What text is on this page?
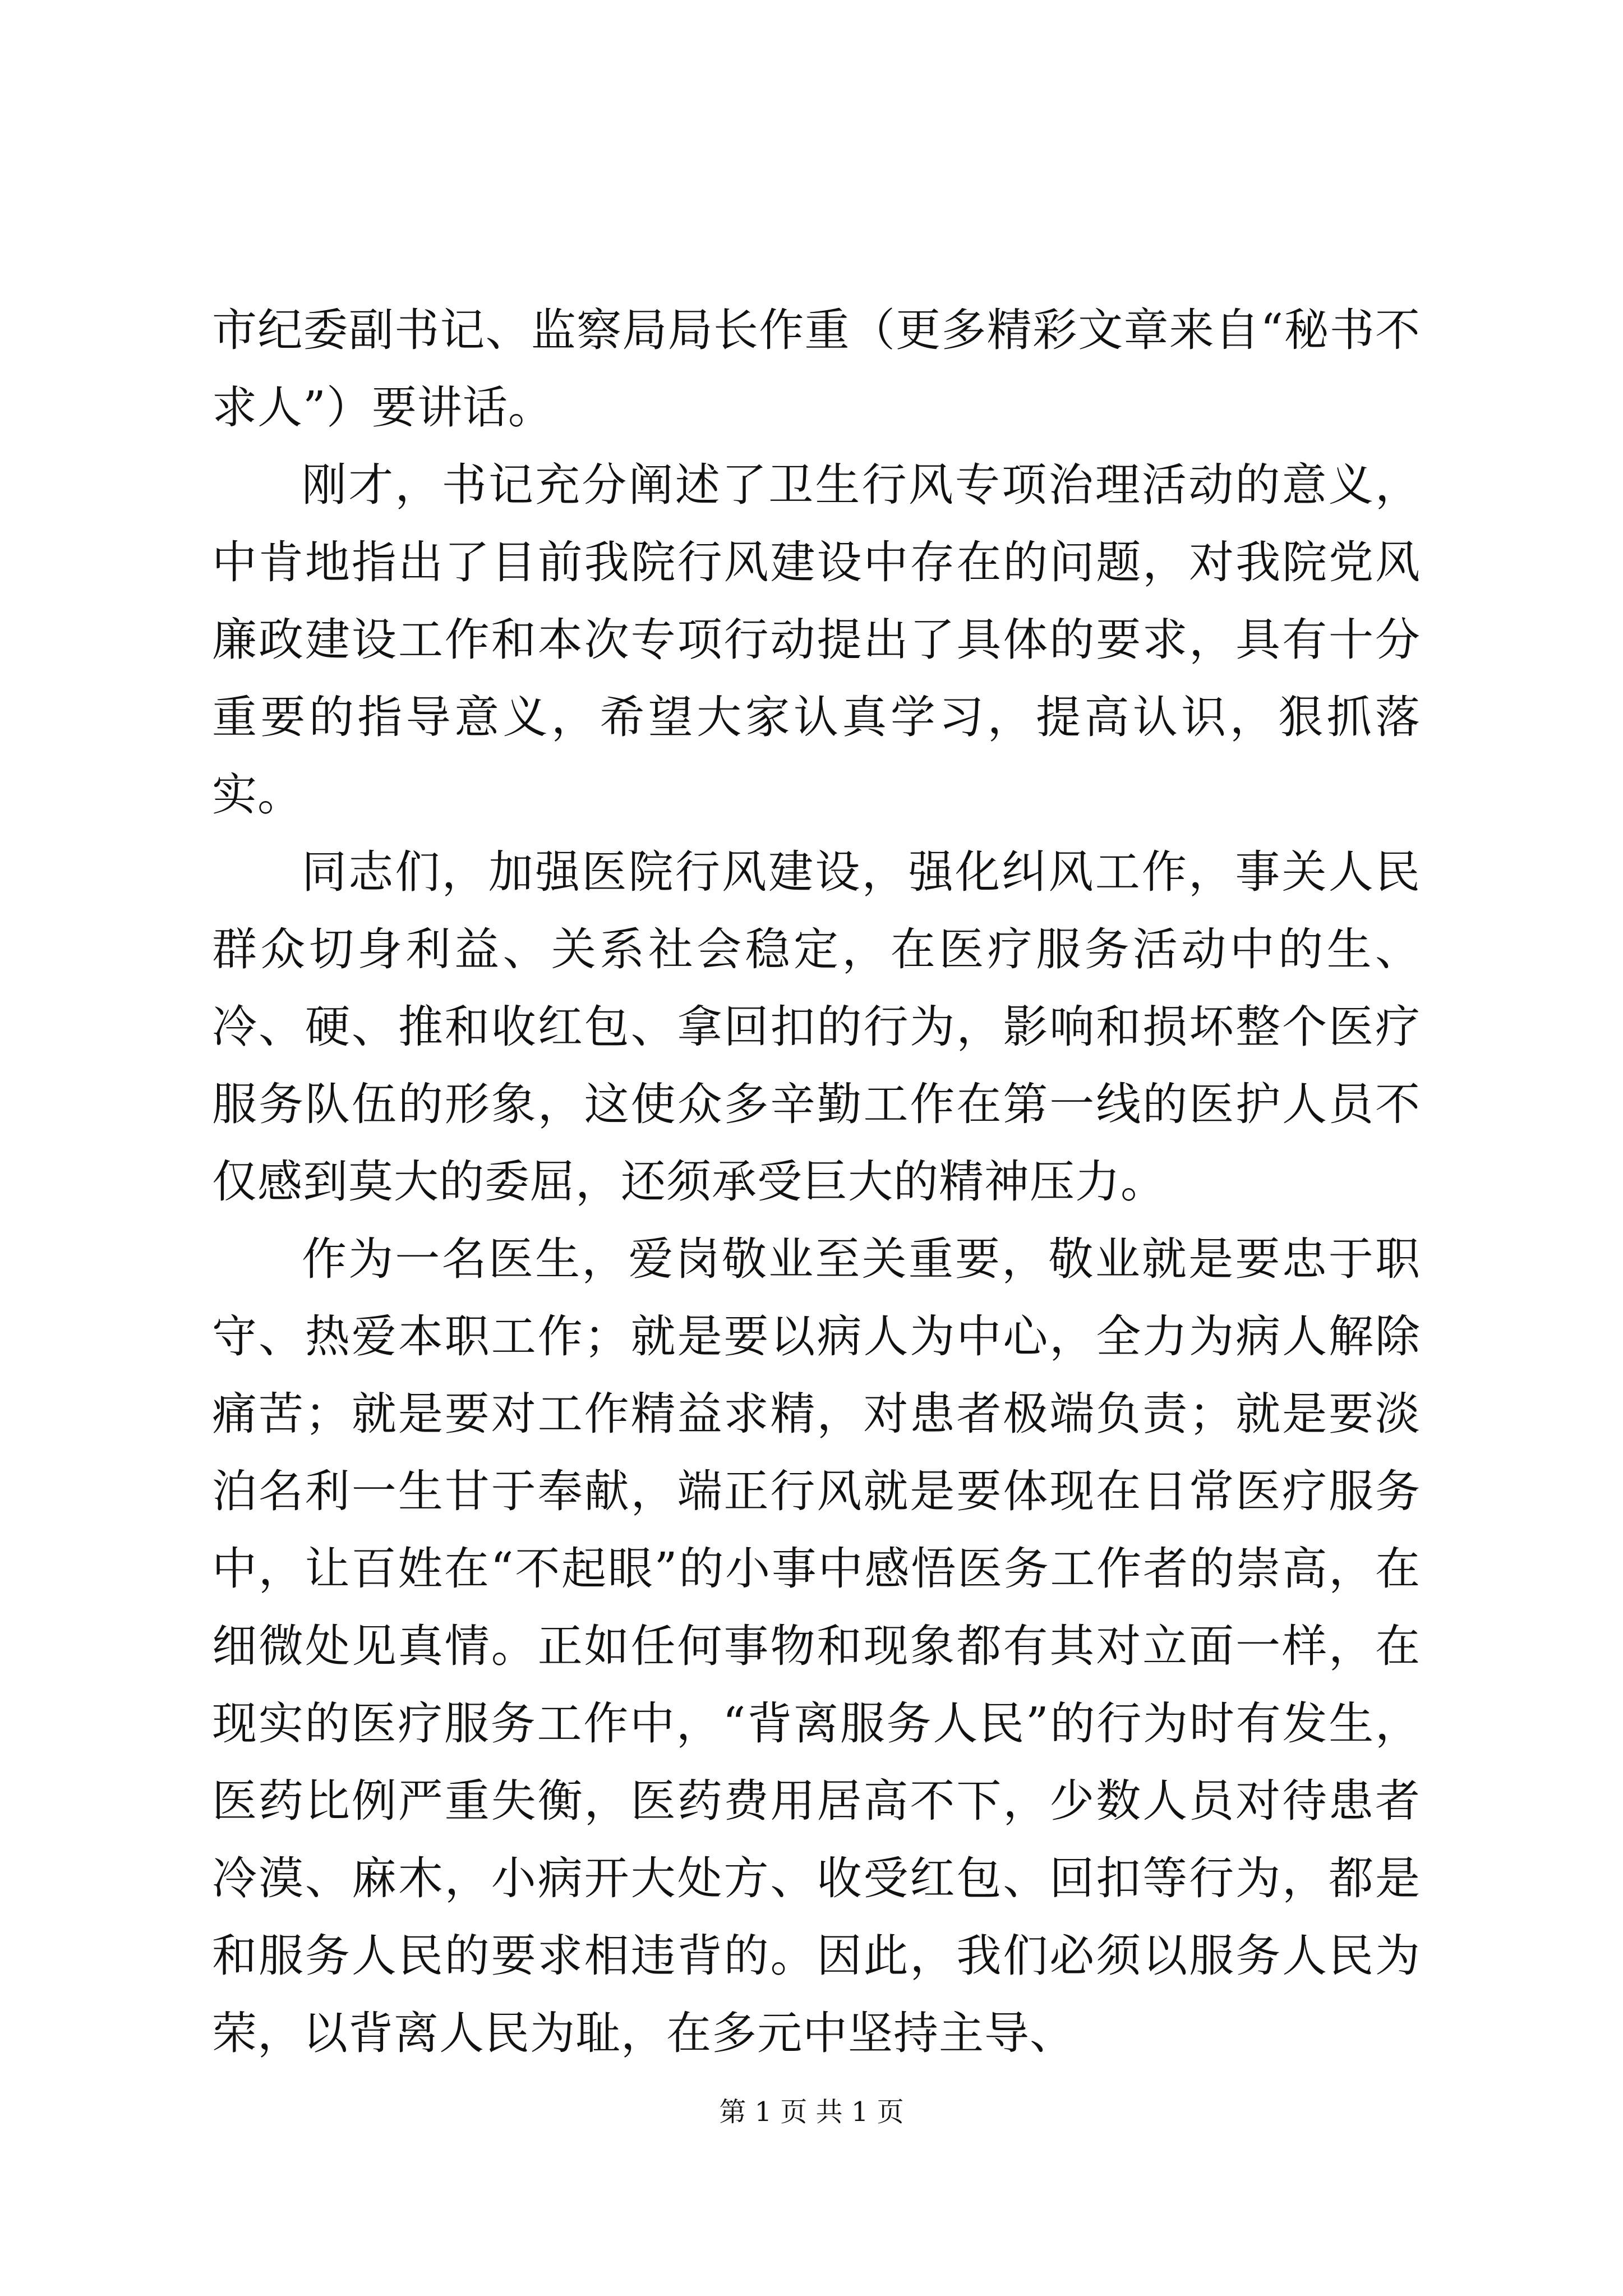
市纪委副书记、监察局局长作重（更多精彩文章来自“秘书不求人”）要讲话。

刚才，书记充分阐述了卫生行风专项治理活动的意义，中肯地指出了目前我院行风建设中存在的问题，对我院党风廉政建设工作和本次专项行动提出了具体的要求，具有十分重要的指导意义，希望大家认真学习，提高认识，狠抓落实。

同志们，加强医院行风建设，强化纠风工作，事关人民群众切身利益、关系社会稳定，在医疗服务活动中的生、冷、硬、推和收红包、拿回扣的行为，影响和损坏整个医疗服务队伍的形象，这使众多辛勤工作在第一线的医护人员不仅感到莫大的委屈，还须承受巨大的精神压力。

作为一名医生，爱岗敬业至关重要，敬业就是要忠于职守、热爱本职工作；就是要以病人为中心，全力为病人解除痛苦；就是要对工作精益求精，对患者极端负责；就是要淡泊名利一生甘于奉献，端正行风就是要体现在日常医疗服务中，让百姓在“不起眼”的小事中感悟医务工作者的崇高，在细微处见真情。正如任何事物和现象都有其对立面一样，在现实的医疗服务工作中，“背离服务人民”的行为时有发生，医药比例严重失衡，医药费用居高不下，少数人员对待患者冷漠、麻木，小病开大处方、收受红包、回扣等行为，都是和服务人民的要求相违背的。因此，我们必须以服务人民为荣，以背离人民为耻，在多元中坚持主导、

第 1 页 共 1 页
